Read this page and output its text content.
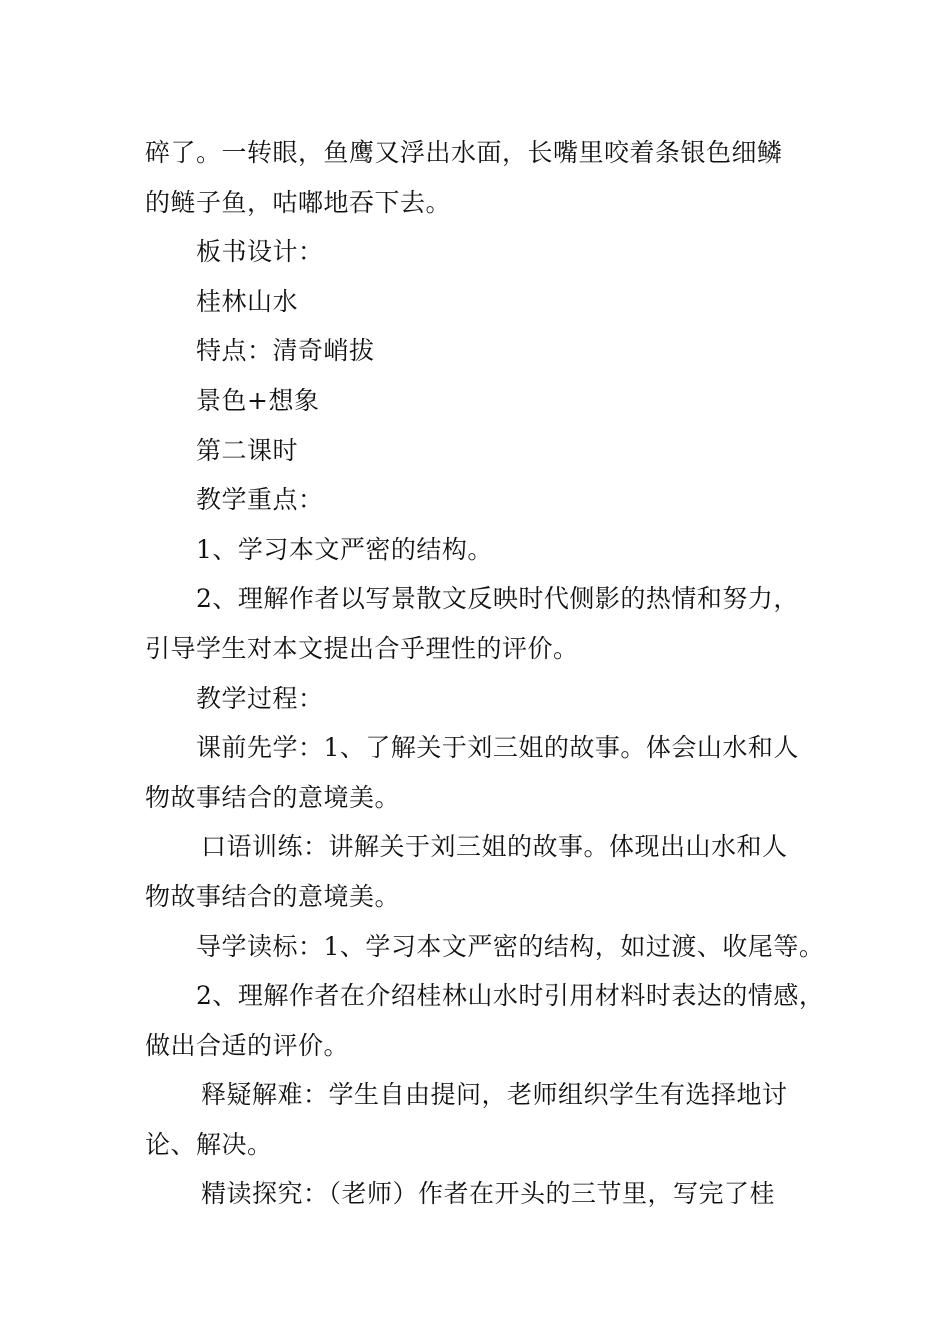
碎了。一转眼，鱼鹰又浮出水面，长嘴里咬着条银色细鳞
的鲢子鱼，咕嘟地吞下去。
板书设计：
桂林山水
特点：清奇峭拔
景色+想象
第二课时
教学重点：
1、学习本文严密的结构。
2、理解作者以写景散文反映时代侧影的热情和努力，
引导学生对本文提出合乎理性的评价。
教学过程：
课前先学：1、了解关于刘三姐的故事。体会山水和人
物故事结合的意境美。
口语训练：讲解关于刘三姐的故事。体现出山水和人
物故事结合的意境美。
导学读标：1、学习本文严密的结构，如过渡、收尾等。
2、理解作者在介绍桂林山水时引用材料时表达的情感，
做出合适的评价。
释疑解难：学生自由提问，老师组织学生有选择地讨
论、解决。
精读探究：（老师）作者在开头的三节里，写完了桂
